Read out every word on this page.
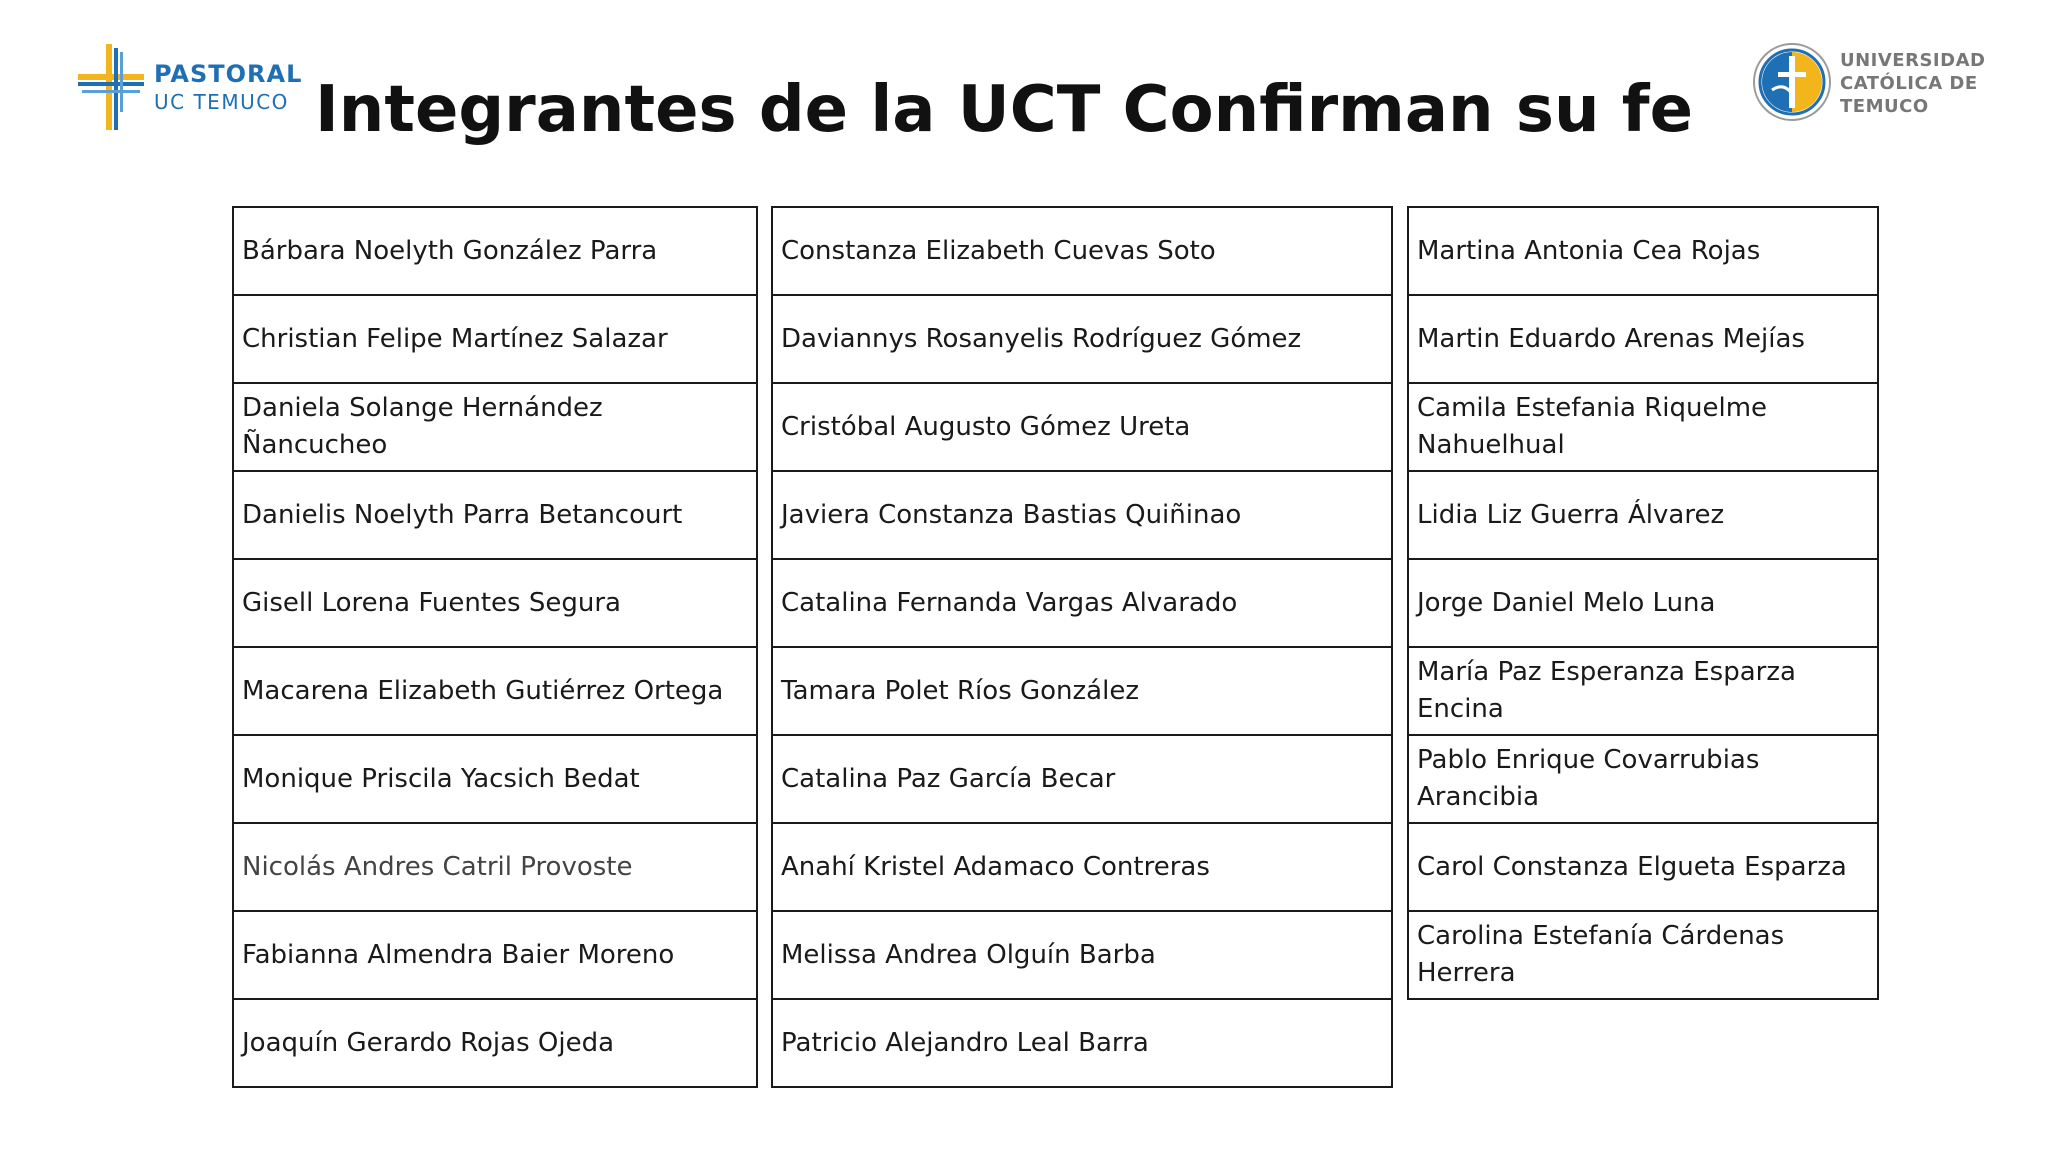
PASTORAL
UC TEMUCO Integrantes de la UCT Confirman su fe
UNIVERSIDAD
CATÓLICA DE
TEMUCO
Bárbara Noelyth González Parra
Christian Felipe Martínez Salazar
Daniela Solange Hernández Ñancucheo
Danielis Noelyth Parra Betancourt
Gisell Lorena Fuentes Segura
Macarena Elizabeth Gutiérrez Ortega
Monique Priscila Yacsich Bedat
Nicolás Andres Catril Provoste
Fabianna Almendra Baier Moreno
Joaquín Gerardo Rojas Ojeda
Constanza Elizabeth Cuevas Soto
Daviannys Rosanyelis Rodríguez Gómez
Cristóbal Augusto Gómez Ureta
Javiera Constanza Bastias Quiñinao
Catalina Fernanda Vargas Alvarado
Tamara Polet Ríos González
Catalina Paz García Becar
Anahí Kristel Adamaco Contreras
Melissa Andrea Olguín Barba
Patricio Alejandro Leal Barra
Martina Antonia Cea Rojas
Martin Eduardo Arenas Mejías
Camila Estefania Riquelme Nahuelhual
Lidia Liz Guerra Álvarez
Jorge Daniel Melo Luna
María Paz Esperanza Esparza Encina
Pablo Enrique Covarrubias Arancibia
Carol Constanza Elgueta Esparza
Carolina Estefanía Cárdenas Herrera
